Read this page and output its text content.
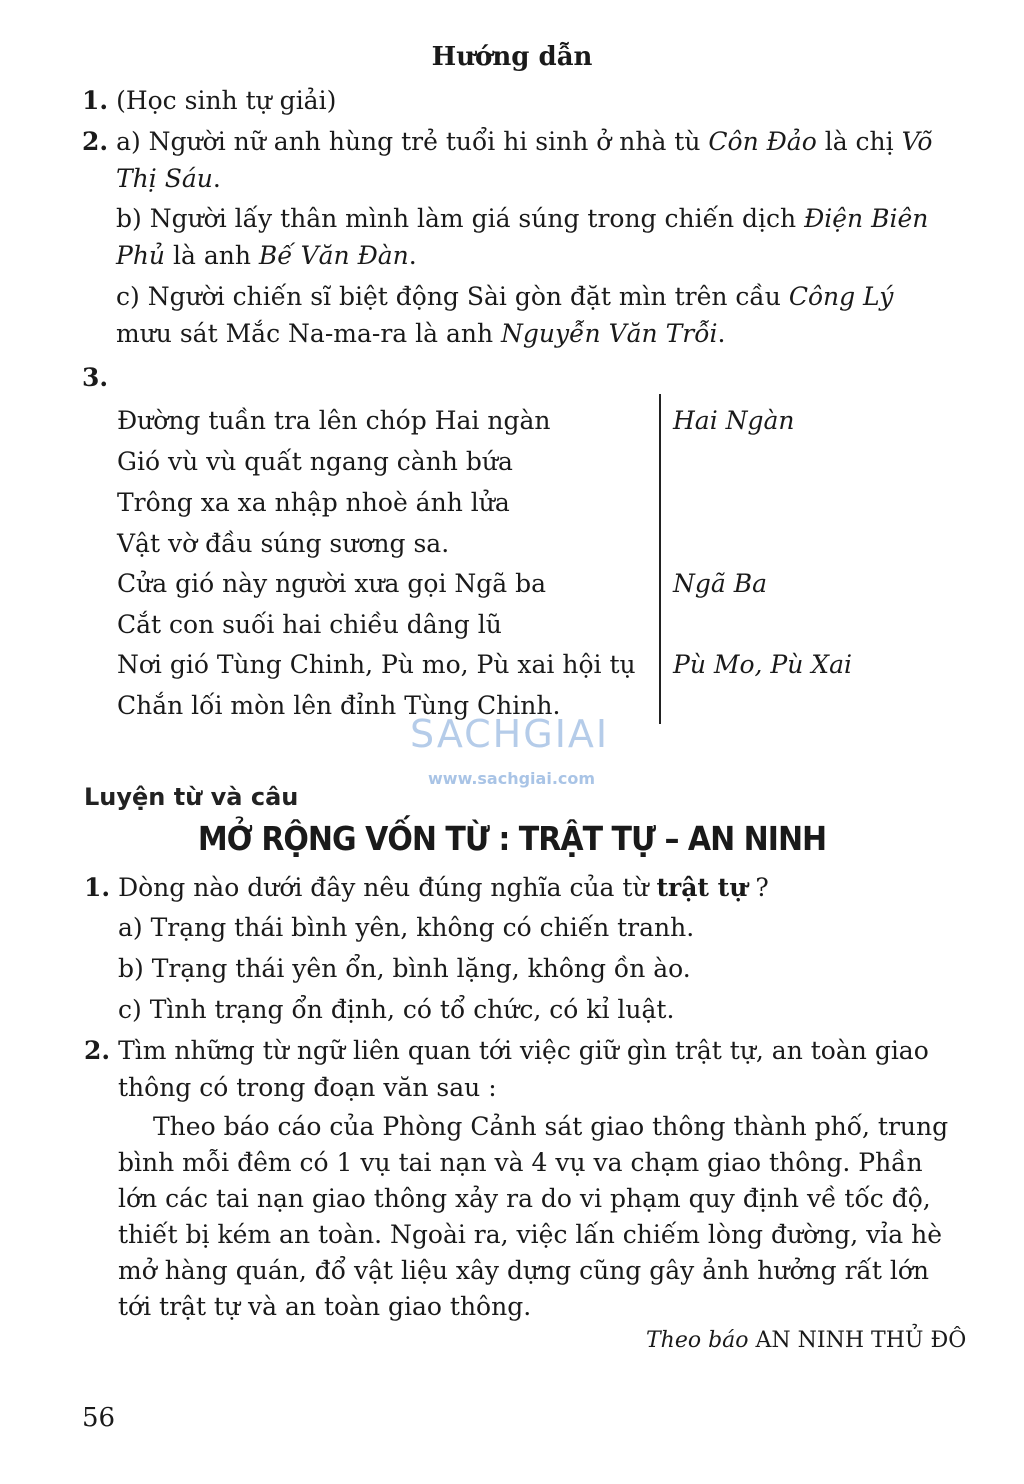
Hướng dẫn
1. (Học sinh tự giải)
2. a) Người nữ anh hùng trẻ tuổi hi sinh ở nhà tù Côn Đảo là chị Võ
Thị Sáu.
b) Người lấy thân mình làm giá súng trong chiến dịch Điện Biên
Phủ là anh Bế Văn Đàn.
c) Người chiến sĩ biệt động Sài gòn đặt mìn trên cầu Công Lý
mưu sát Mắc Na-ma-ra là anh Nguyễn Văn Trỗi.
3.
Đường tuần tra lên chóp Hai ngàn
Gió vù vù quất ngang cành bứa
Trông xa xa nhập nhoè ánh lửa
Vật vờ đầu súng sương sa.
Cửa gió này người xưa gọi Ngã ba
Cắt con suối hai chiều dâng lũ
Nơi gió Tùng Chinh, Pù mo, Pù xai hội tụ
Chắn lối mòn lên đỉnh Tùng Chinh.
Hai Ngàn
Ngã Ba
Pù Mo, Pù Xai
SACHGIAI
www.sachgiai.com
Luyện từ và câu
MỞ RỘNG VỐN TỪ : TRẬT TỰ – AN NINH
1. Dòng nào dưới đây nêu đúng nghĩa của từ trật tự ?
a) Trạng thái bình yên, không có chiến tranh.
b) Trạng thái yên ổn, bình lặng, không ồn ào.
c) Tình trạng ổn định, có tổ chức, có kỉ luật.
2. Tìm những từ ngữ liên quan tới việc giữ gìn trật tự, an toàn giao
thông có trong đoạn văn sau :
Theo báo cáo của Phòng Cảnh sát giao thông thành phố, trung
bình mỗi đêm có 1 vụ tai nạn và 4 vụ va chạm giao thông. Phần
lớn các tai nạn giao thông xảy ra do vi phạm quy định về tốc độ,
thiết bị kém an toàn. Ngoài ra, việc lấn chiếm lòng đường, vỉa hè
mở hàng quán, đổ vật liệu xây dựng cũng gây ảnh hưởng rất lớn
tới trật tự và an toàn giao thông.
Theo báo AN NINH THỦ ĐÔ
56
